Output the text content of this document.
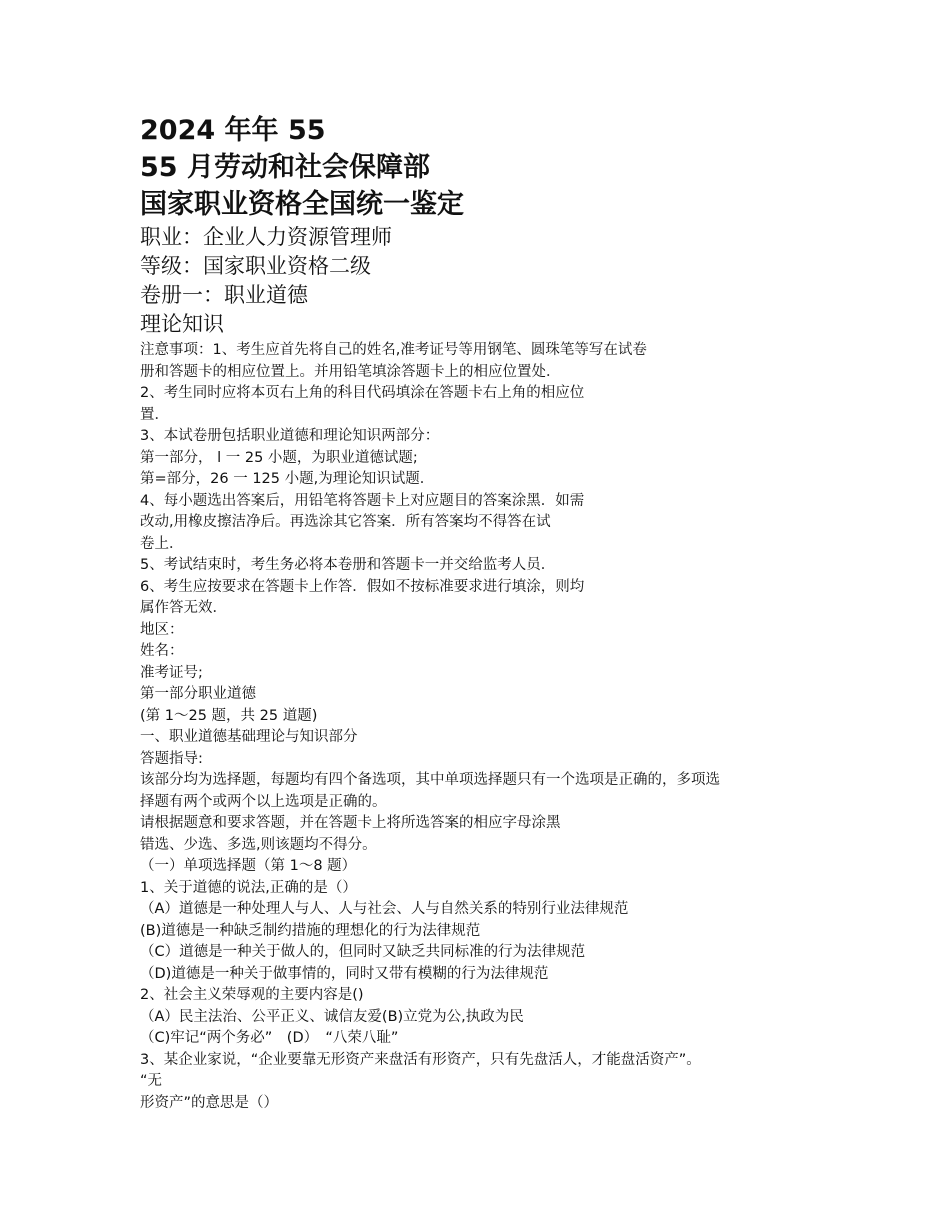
2024 年年 55
55 月劳动和社会保障部
国家职业资格全国统一鉴定
职业：企业人力资源管理师
等级：国家职业资格二级
卷册一：职业道德
理论知识
注意事项：1、考生应首先将自己的姓名,准考证号等用钢笔、圆珠笔等写在试卷
册和答题卡的相应位置上。并用铅笔填涂答题卡上的相应位置处．
2、考生同时应将本页右上角的科目代码填涂在答题卡右上角的相应位
置．
3、本试卷册包括职业道德和理论知识两部分：
第一部分， l 一 25 小题，为职业道德试题;
第=部分，26 一 125 小题,为理论知识试题．
4、每小题选出答案后，用铅笔将答题卡上对应题目的答案涂黑．如需
改动,用橡皮擦洁净后。再选涂其它答案．所有答案均不得答在试
卷上．
5、考试结束时，考生务必将本卷册和答题卡一并交给监考人员．
6、考生应按要求在答题卡上作答．假如不按标准要求进行填涂，则均
属作答无效．
地区：
姓名：
准考证号;
第一部分职业道德
(第 1～25 题，共 25 道题)
一、职业道德基础理论与知识部分
答题指导:
该部分均为选择题，每题均有四个备选项，其中单项选择题只有一个选项是正确的，多项选
择题有两个或两个以上选项是正确的。
请根据题意和要求答题，并在答题卡上将所选答案的相应字母涂黑
错选、少选、多选,则该题均不得分。
（一）单项选择题（第 1～8 题）
1、关于道德的说法,正确的是（）
（A）道德是一种处理人与人、人与社会、人与自然关系的特别行业法律规范
(B)道德是一种缺乏制约措施的理想化的行为法律规范
（C）道德是一种关于做人的，但同时又缺乏共同标准的行为法律规范
（D)道德是一种关于做事情的，同时又带有模糊的行为法律规范
2、社会主义荣辱观的主要内容是()
（A）民主法治、公平正义、诚信友爱(B)立党为公,执政为民
（C)牢记“两个务必”　(D）　“八荣八耻”
3、某企业家说，“企业要靠无形资产来盘活有形资产，只有先盘活人，才能盘活资产”。
“无
形资产”的意思是（）
